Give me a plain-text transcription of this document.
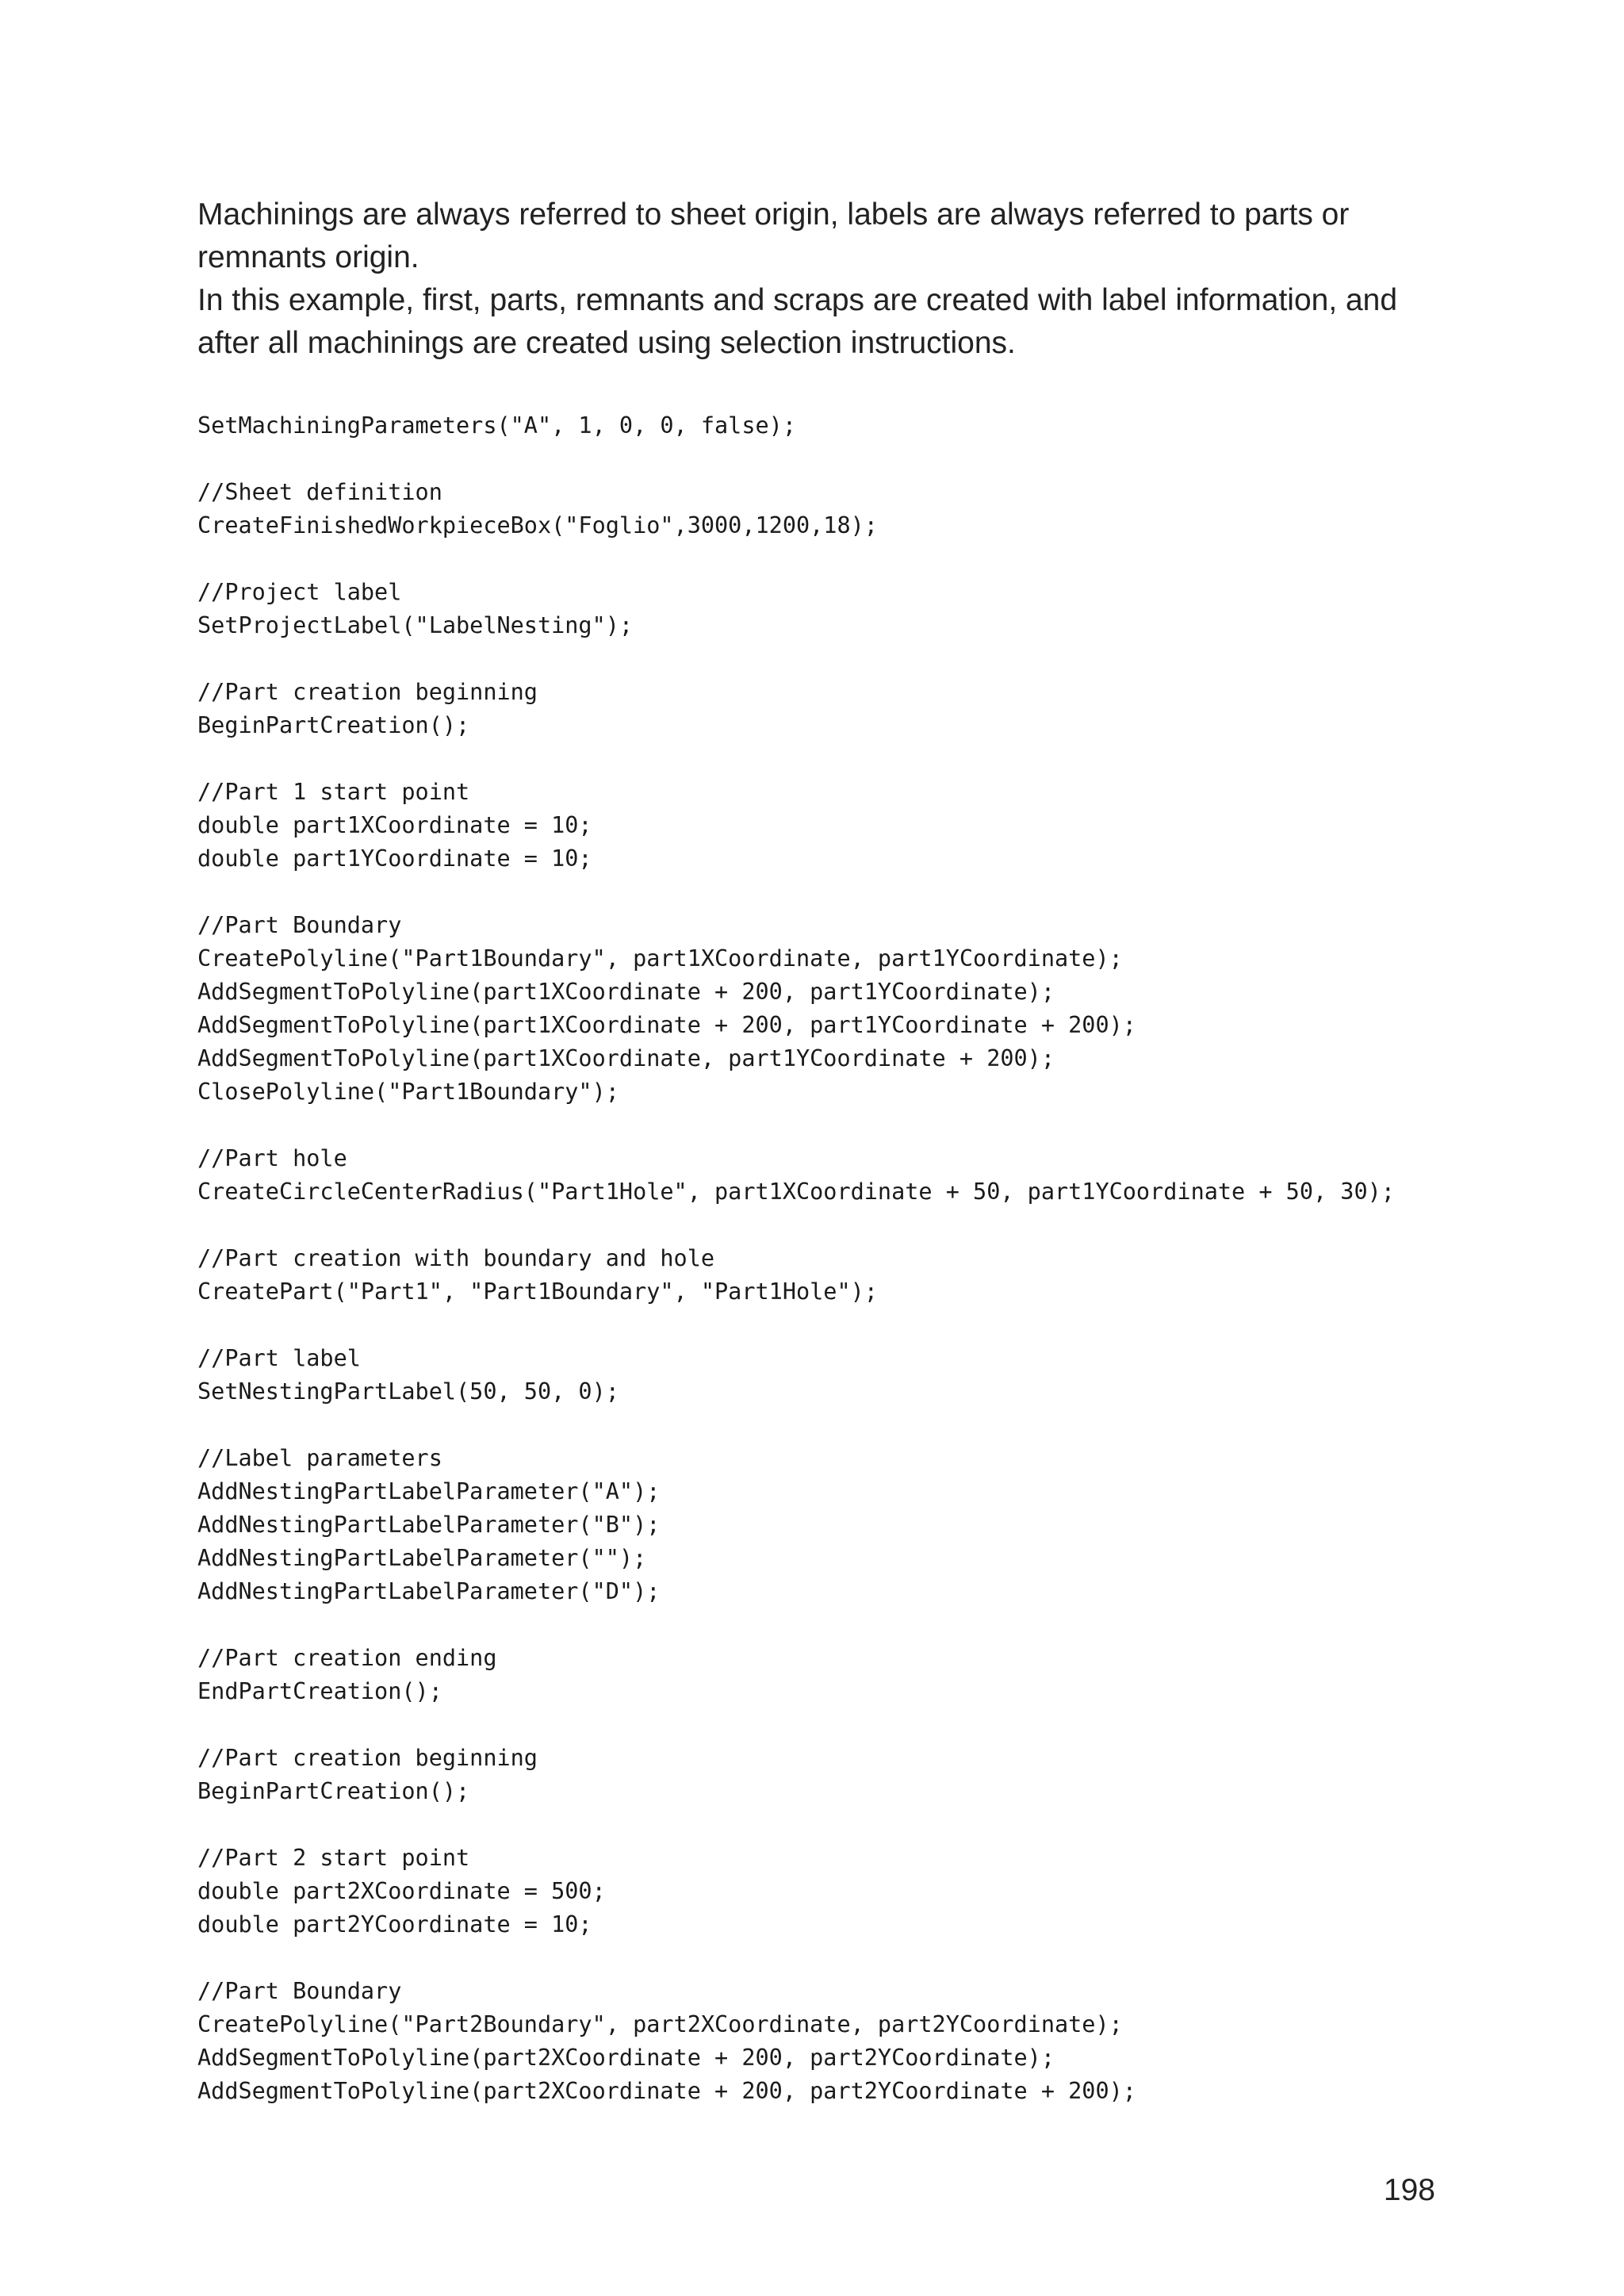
Machinings are always referred to sheet origin, labels are always referred to parts or remnants origin.

In this example, first, parts, remnants and scraps are created with label information, and after all machinings are created using selection instructions.

SetMachiningParameters("A", 1, 0, 0, false);
//Sheet definition
CreateFinishedWorkpieceBox("Foglio",3000,1200,18);
//Project label
SetProjectLabel("LabelNesting");
//Part creation beginning
BeginPartCreation();
//Part 1 start point
double part1XCoordinate = 10;
double part1YCoordinate = 10;
//Part Boundary
CreatePolyline("Part1Boundary", part1XCoordinate, part1YCoordinate);
AddSegmentToPolyline(part1XCoordinate + 200, part1YCoordinate);
AddSegmentToPolyline(part1XCoordinate + 200, part1YCoordinate + 200);
AddSegmentToPolyline(part1XCoordinate, part1YCoordinate + 200);
ClosePolyline("Part1Boundary");
//Part hole
CreateCircleCenterRadius("Part1Hole", part1XCoordinate + 50, part1YCoordinate + 50, 30);
//Part creation with boundary and hole
CreatePart("Part1", "Part1Boundary", "Part1Hole");
//Part label
SetNestingPartLabel(50, 50, 0);
//Label parameters
AddNestingPartLabelParameter("A");
AddNestingPartLabelParameter("B");
AddNestingPartLabelParameter("");
AddNestingPartLabelParameter("D");
//Part creation ending
EndPartCreation();
//Part creation beginning
BeginPartCreation();
//Part 2 start point
double part2XCoordinate = 500;
double part2YCoordinate = 10;
//Part Boundary
CreatePolyline("Part2Boundary", part2XCoordinate, part2YCoordinate);
AddSegmentToPolyline(part2XCoordinate + 200, part2YCoordinate);
AddSegmentToPolyline(part2XCoordinate + 200, part2YCoordinate + 200);
198
